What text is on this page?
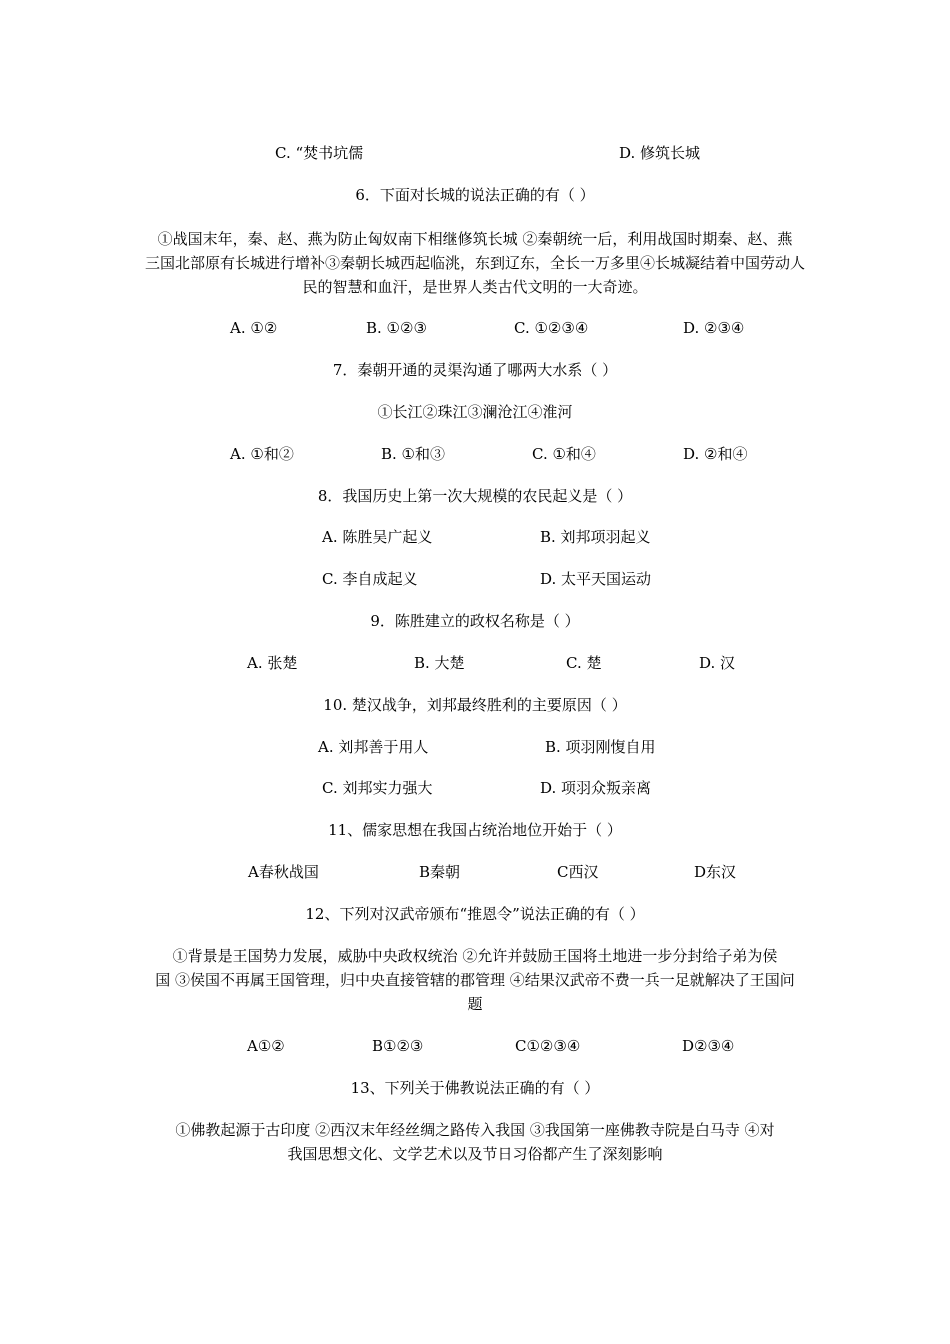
C. “焚书坑儒	D. 修筑长城
6．下面对长城的说法正确的有（ ）

①战国末年，秦、赵、燕为防止匈奴南下相继修筑长城 ②秦朝统一后，利用战国时期秦、赵、燕

三国北部原有长城进行增补③秦朝长城西起临洮，东到辽东，全长一万多里④长城凝结着中国劳动人

民的智慧和血汗，是世界人类古代文明的一大奇迹。

A. ①②	B. ①②③	C. ①②③④	D. ②③④
7．秦朝开通的灵渠沟通了哪两大水系（ ）
①长江②珠江③澜沧江④淮河
A. ①和②	B. ①和③	C. ①和④	D. ②和④
8．我国历史上第一次大规模的农民起义是（ ）
A. 陈胜吴广起义	B. 刘邦项羽起义
C. 李自成起义	D. 太平天国运动
9．陈胜建立的政权名称是（ ）
A. 张楚	B. 大楚	C. 楚	D. 汉
10. 楚汉战争，刘邦最终胜利的主要原因（ ）
A. 刘邦善于用人	B. 项羽刚愎自用
C. 刘邦实力强大	D. 项羽众叛亲离
11、儒家思想在我国占统治地位开始于（ ）
A春秋战国	B秦朝	C西汉	D东汉
12、下列对汉武帝颁布“推恩令”说法正确的有（ ）

①背景是王国势力发展，威胁中央政权统治 ②允许并鼓励王国将土地进一步分封给子弟为侯

国 ③侯国不再属王国管理，归中央直接管辖的郡管理 ④结果汉武帝不费一兵一足就解决了王国问

题

A①②	B①②③	C①②③④	D②③④
13、下列关于佛教说法正确的有（ ）

①佛教起源于古印度 ②西汉末年经丝绸之路传入我国 ③我国第一座佛教寺院是白马寺 ④对

我国思想文化、文学艺术以及节日习俗都产生了深刻影响
